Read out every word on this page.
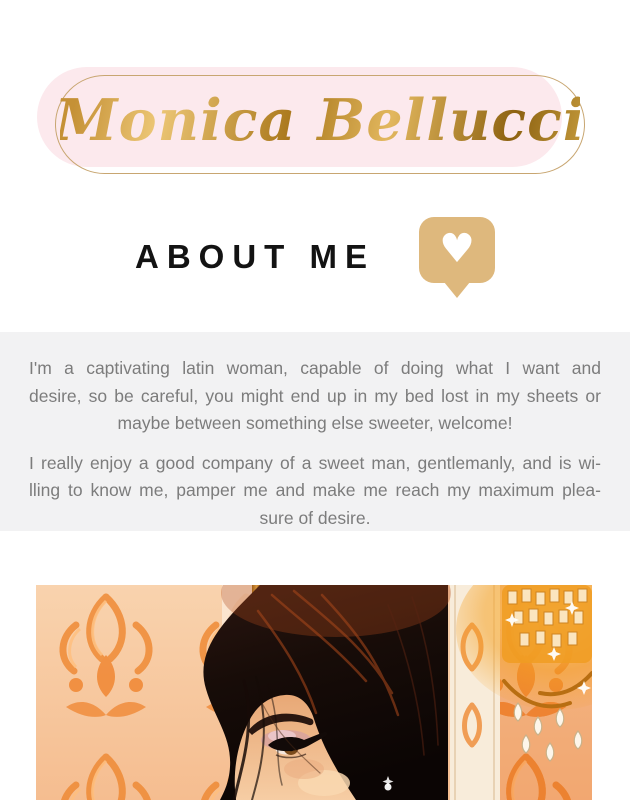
Monica Bellucci
ABOUT ME ♥
I'm a captivating latin woman, capable of doing what I want and
desire, so be careful, you might end up in my bed lost in my sheets or
maybe between something else sweeter, welcome!
I really enjoy a good company of a sweet man, gentlemanly, and is wi-
lling to know me, pamper me and make me reach my maximum plea-
sure of desire.
